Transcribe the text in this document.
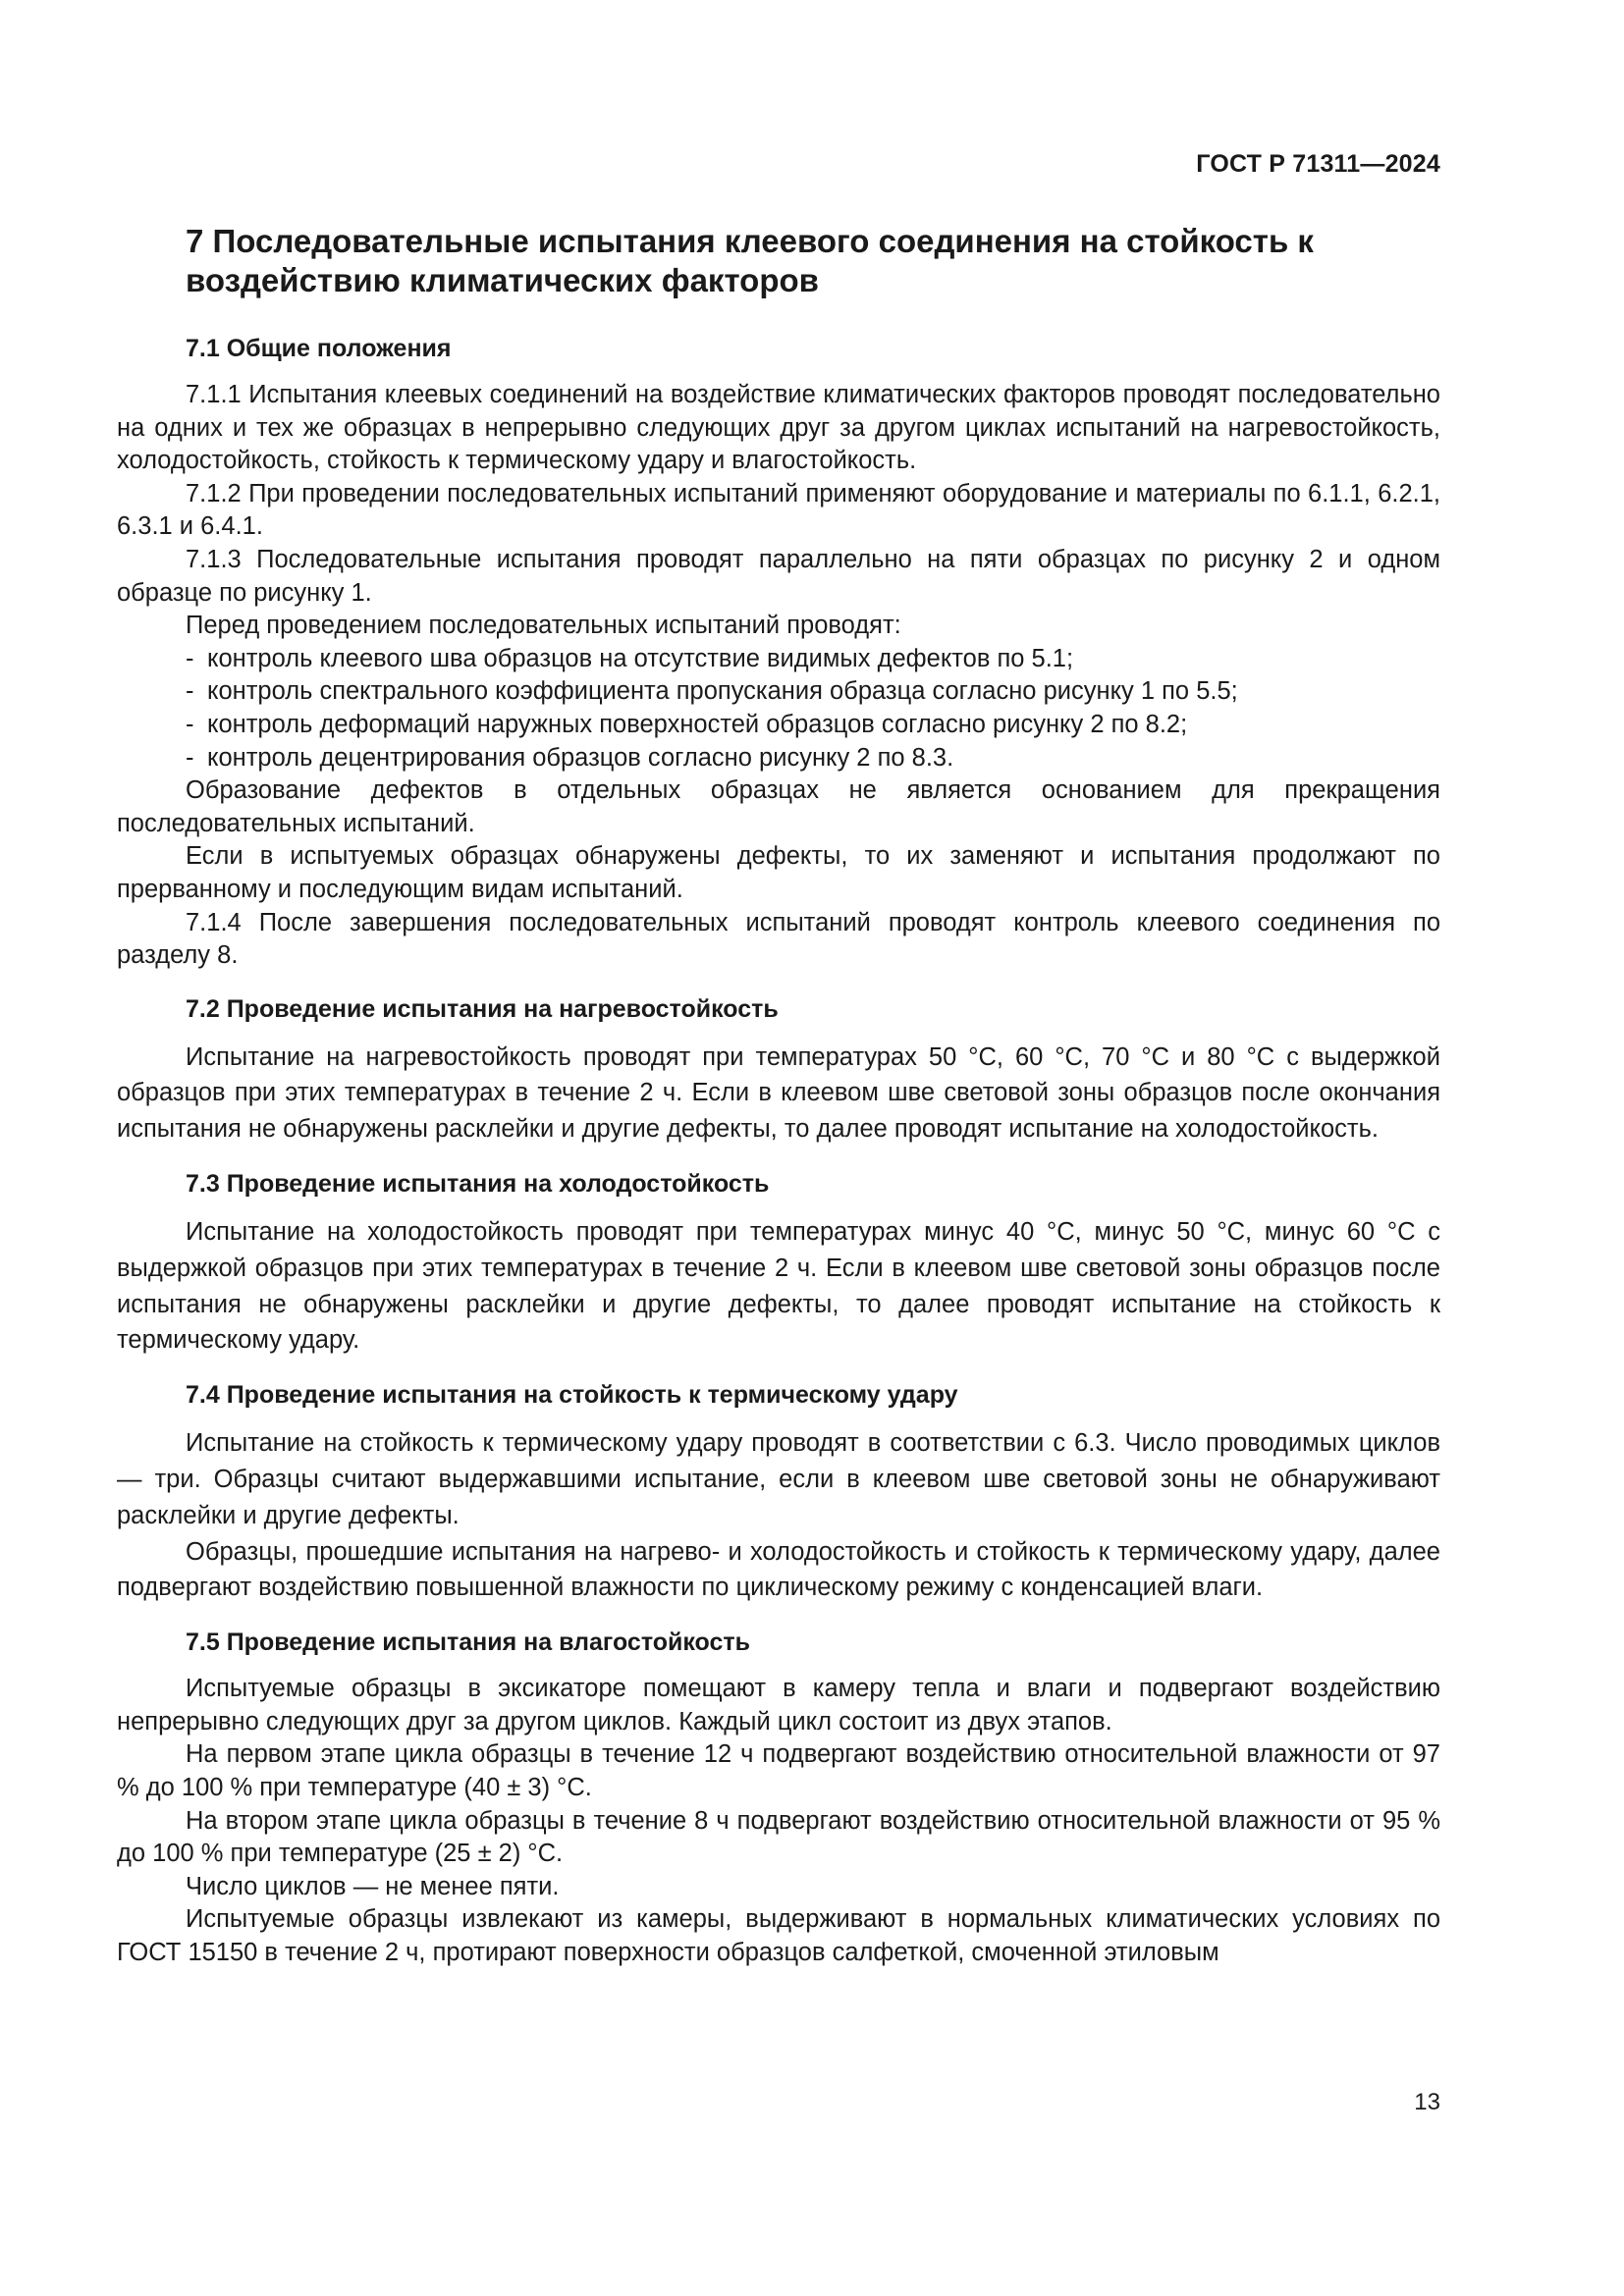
ГОСТ Р 71311—2024
7 Последовательные испытания клеевого соединения на стойкость к воздействию климатических факторов
7.1 Общие положения

7.1.1 Испытания клеевых соединений на воздействие климатических факторов проводят последовательно на одних и тех же образцах в непрерывно следующих друг за другом циклах испытаний на нагревостойкость, холодостойкость, стойкость к термическому удару и влагостойкость.

7.1.2 При проведении последовательных испытаний применяют оборудование и материалы по 6.1.1, 6.2.1, 6.3.1 и 6.4.1.

7.1.3 Последовательные испытания проводят параллельно на пяти образцах по рисунку 2 и одном образце по рисунку 1.

Перед проведением последовательных испытаний проводят:

- контроль клеевого шва образцов на отсутствие видимых дефектов по 5.1;
- контроль спектрального коэффициента пропускания образца согласно рисунку 1 по 5.5;
- контроль деформаций наружных поверхностей образцов согласно рисунку 2 по 8.2;
- контроль децентрирования образцов согласно рисунку 2 по 8.3.

Образование дефектов в отдельных образцах не является основанием для прекращения последовательных испытаний.

Если в испытуемых образцах обнаружены дефекты, то их заменяют и испытания продолжают по прерванному и последующим видам испытаний.

7.1.4 После завершения последовательных испытаний проводят контроль клеевого соединения по разделу 8.

7.2 Проведение испытания на нагревостойкость

Испытание на нагревостойкость проводят при температурах 50 °С, 60 °С, 70 °С и 80 °С с выдержкой образцов при этих температурах в течение 2 ч. Если в клеевом шве световой зоны образцов после окончания испытания не обнаружены расклейки и другие дефекты, то далее проводят испытание на холодостойкость.

7.3 Проведение испытания на холодостойкость

Испытание на холодостойкость проводят при температурах минус 40 °С, минус 50 °С, минус 60 °С с выдержкой образцов при этих температурах в течение 2 ч. Если в клеевом шве световой зоны образцов после испытания не обнаружены расклейки и другие дефекты, то далее проводят испытание на стойкость к термическому удару.

7.4 Проведение испытания на стойкость к термическому удару

Испытание на стойкость к термическому удару проводят в соответствии с 6.3. Число проводимых циклов — три. Образцы считают выдержавшими испытание, если в клеевом шве световой зоны не обнаруживают расклейки и другие дефекты.

Образцы, прошедшие испытания на нагрево- и холодостойкость и стойкость к термическому удару, далее подвергают воздействию повышенной влажности по циклическому режиму с конденсацией влаги.

7.5 Проведение испытания на влагостойкость

Испытуемые образцы в эксикаторе помещают в камеру тепла и влаги и подвергают воздействию непрерывно следующих друг за другом циклов. Каждый цикл состоит из двух этапов.

На первом этапе цикла образцы в течение 12 ч подвергают воздействию относительной влажности от 97 % до 100 % при температуре (40 ± 3) °С.

На втором этапе цикла образцы в течение 8 ч подвергают воздействию относительной влажности от 95 % до 100 % при температуре (25 ± 2) °С.

Число циклов — не менее пяти.

Испытуемые образцы извлекают из камеры, выдерживают в нормальных климатических условиях по ГОСТ 15150 в течение 2 ч, протирают поверхности образцов салфеткой, смоченной этиловым

13
